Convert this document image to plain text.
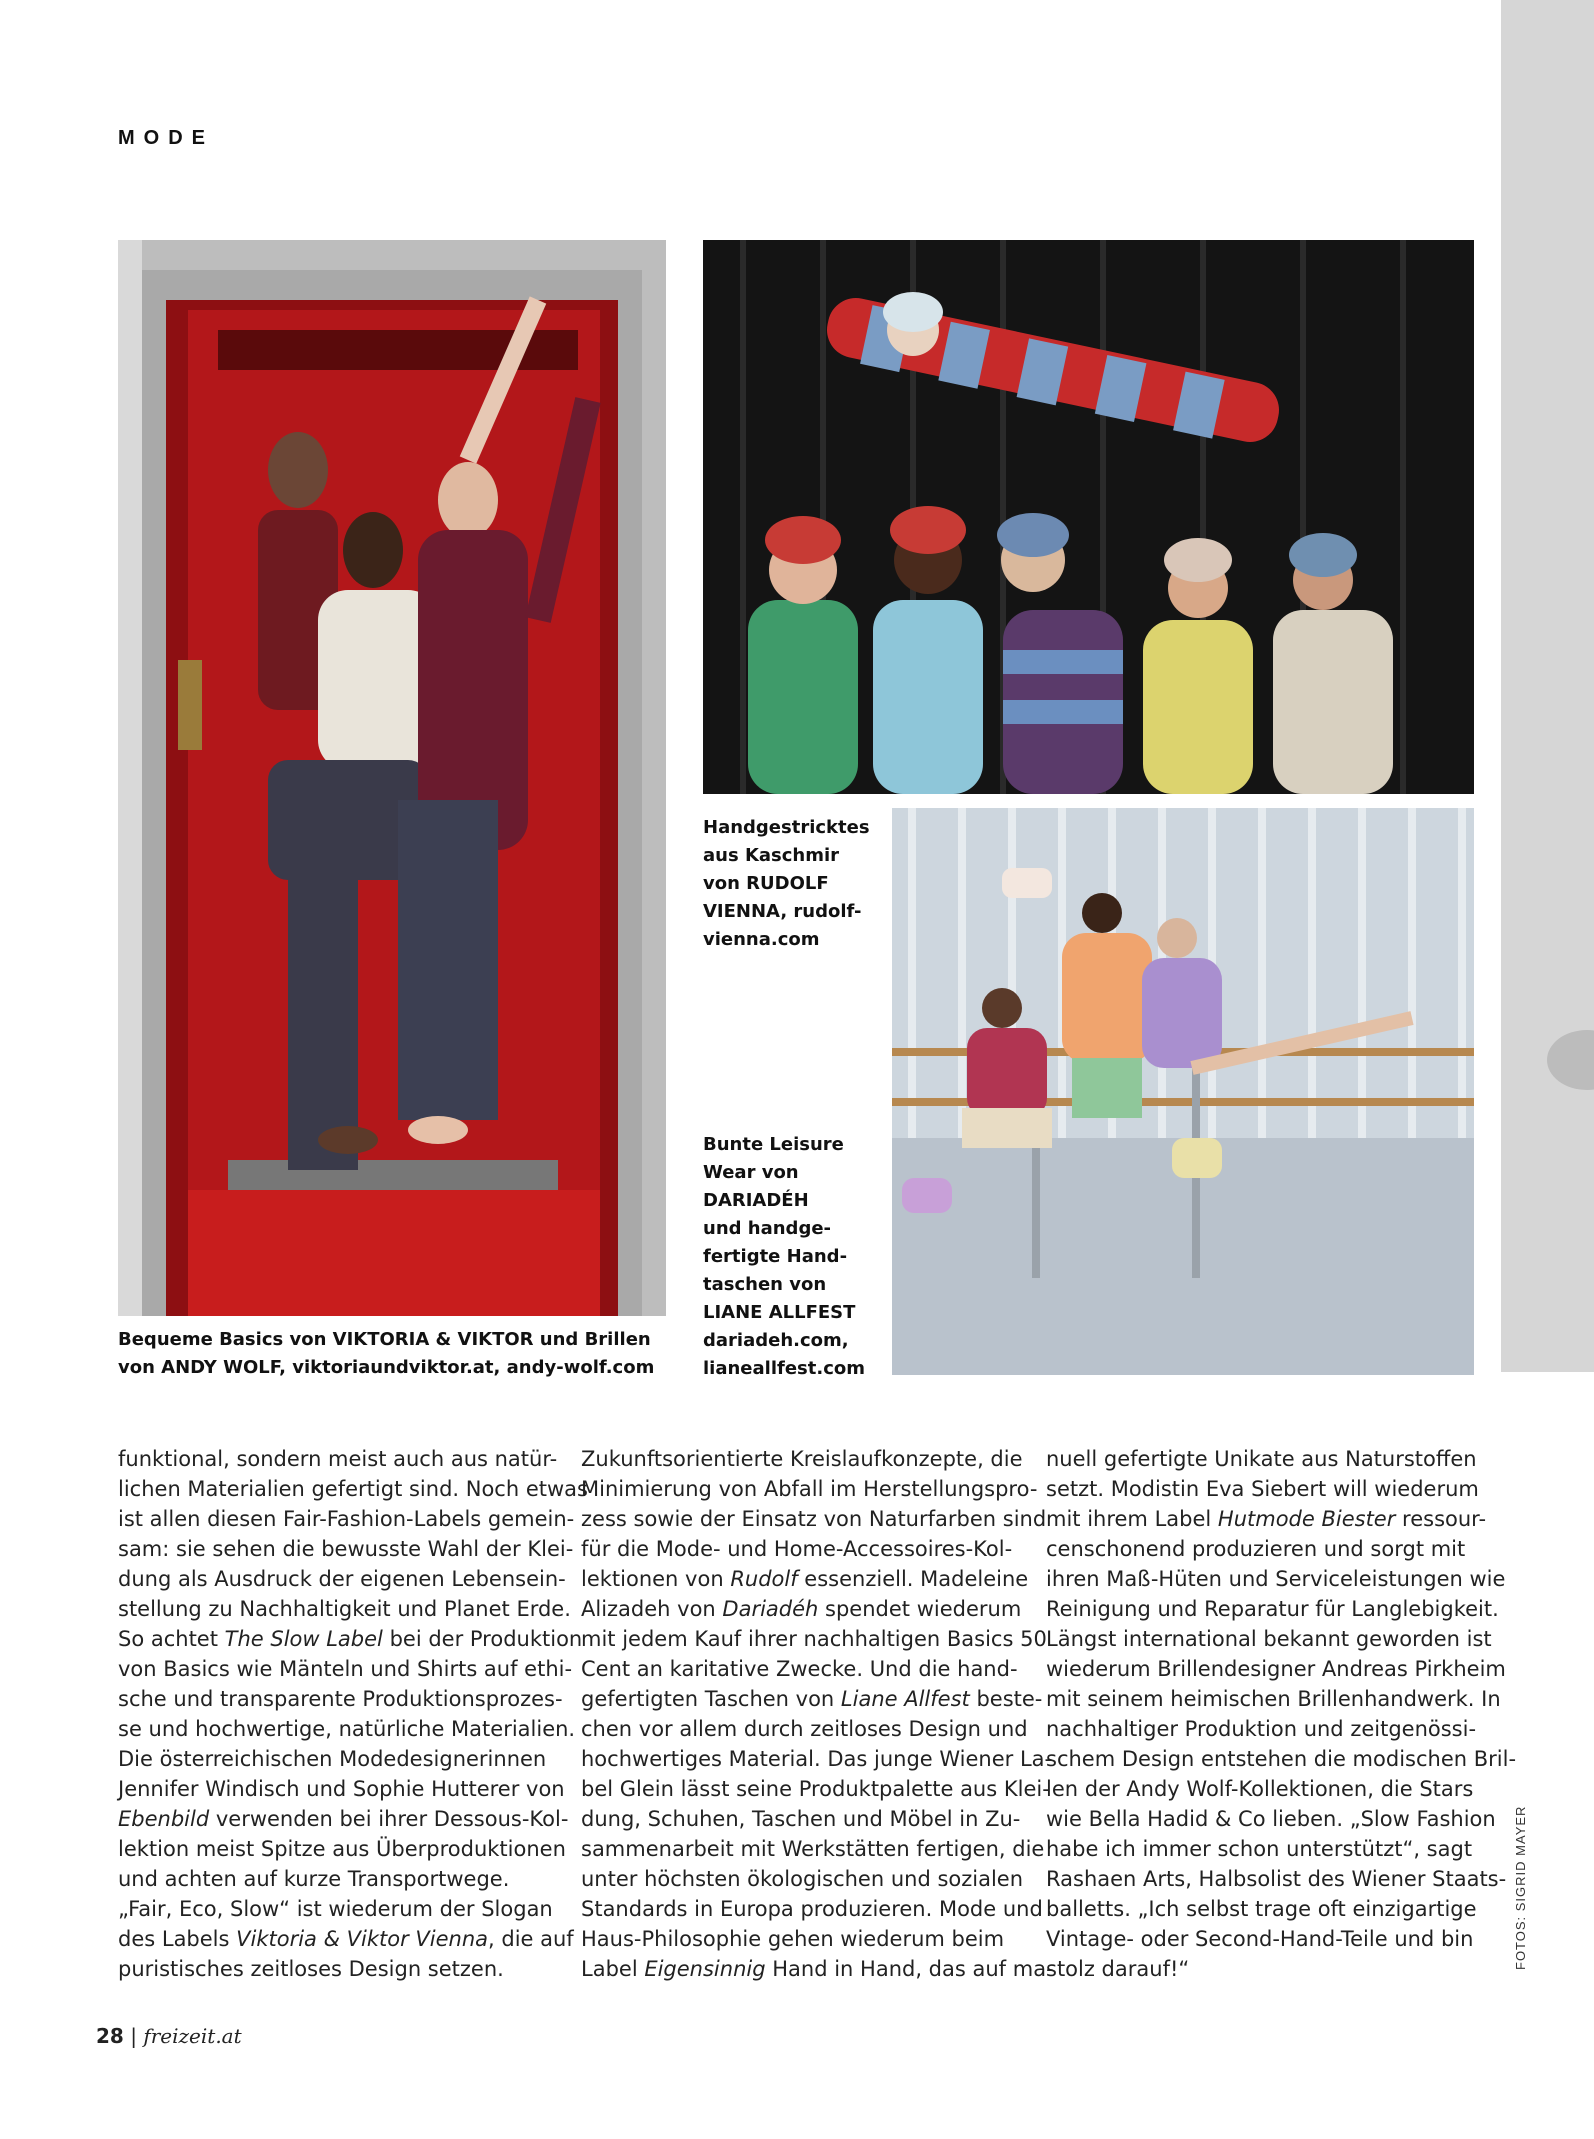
MODE
Bequeme Basics von VIKTORIA & VIKTOR und Brillen
von ANDY WOLF, viktoriaundviktor.at, andy-wolf.com
Handgestricktes
aus Kaschmir
von RUDOLF
VIENNA, rudolf-
vienna.com
Bunte Leisure
Wear von
DARIADÉH
und handge-
fertigte Hand-
taschen von
LIANE ALLFEST
dariadeh.com,
lianeallfest.com
funktional, sondern meist auch aus natür-
lichen Materialien gefertigt sind. Noch etwas
ist allen diesen Fair-Fashion-Labels gemein-
sam: sie sehen die bewusste Wahl der Klei-
dung als Ausdruck der eigenen Lebensein-
stellung zu Nachhaltigkeit und Planet Erde.
So achtet The Slow Label bei der Produktion
von Basics wie Mänteln und Shirts auf ethi-
sche und transparente Produktionsprozes-
se und hochwertige, natürliche Materialien.
Die österreichischen Modedesignerinnen
Jennifer Windisch und Sophie Hutterer von
Ebenbild verwenden bei ihrer Dessous-Kol-
lektion meist Spitze aus Überproduktionen
und achten auf kurze Transportwege.
„Fair, Eco, Slow“ ist wiederum der Slogan
des Labels Viktoria & Viktor Vienna, die auf
puristisches zeitloses Design setzen.
Zukunftsorientierte Kreislaufkonzepte, die
Minimierung von Abfall im Herstellungspro-
zess sowie der Einsatz von Naturfarben sind
für die Mode- und Home-Accessoires-Kol-
lektionen von Rudolf essenziell. Madeleine
Alizadeh von Dariadéh spendet wiederum
mit jedem Kauf ihrer nachhaltigen Basics 50
Cent an karitative Zwecke. Und die hand-
gefertigten Taschen von Liane Allfest beste-
chen vor allem durch zeitloses Design und
hochwertiges Material. Das junge Wiener La-
bel Glein lässt seine Produktpalette aus Klei-
dung, Schuhen, Taschen und Möbel in Zu-
sammenarbeit mit Werkstätten fertigen, die
unter höchsten ökologischen und sozialen
Standards in Europa produzieren. Mode und
Haus-Philosophie gehen wiederum beim
Label Eigensinnig Hand in Hand, das auf ma-
nuell gefertigte Unikate aus Naturstoffen
setzt. Modistin Eva Siebert will wiederum
mit ihrem Label Hutmode Biester ressour-
censchonend produzieren und sorgt mit
ihren Maß-Hüten und Serviceleistungen wie
Reinigung und Reparatur für Langlebigkeit.
Längst international bekannt geworden ist
wiederum Brillendesigner Andreas Pirkheim
mit seinem heimischen Brillenhandwerk. In
nachhaltiger Produktion und zeitgenössi-
schem Design entstehen die modischen Bril-
len der Andy Wolf-Kollektionen, die Stars
wie Bella Hadid & Co lieben. „Slow Fashion
habe ich immer schon unterstützt“, sagt
Rashaen Arts, Halbsolist des Wiener Staats-
balletts. „Ich selbst trage oft einzigartige
Vintage- oder Second-Hand-Teile und bin
stolz darauf!“	FOTOS: SIGRID MAYER
28 | freizeit.at
